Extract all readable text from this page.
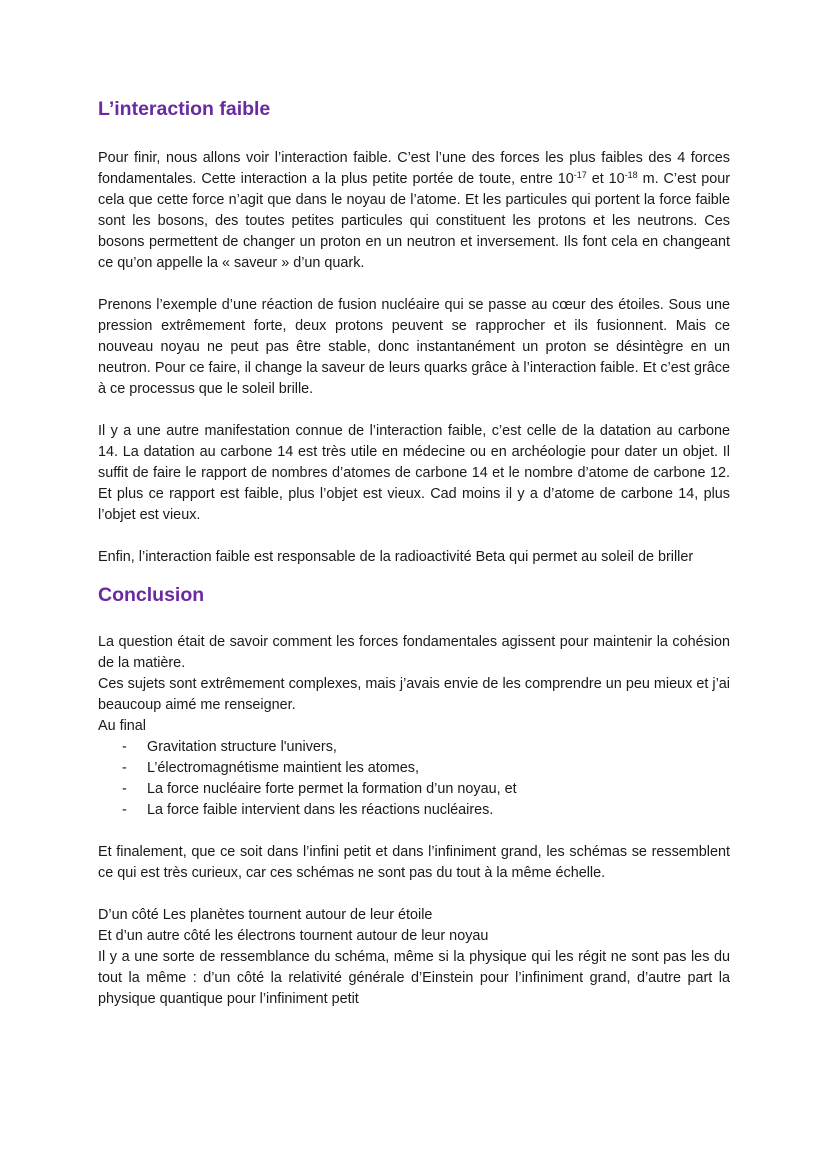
L’interaction faible

Pour finir, nous allons voir l’interaction faible. C’est l’une des forces les plus faibles des 4 forces fondamentales. Cette interaction a la plus petite portée de toute, entre $10^{-17}$ et $10^{-18}$ m. C’est pour cela que cette force n’agit que dans le noyau de l’atome. Et les particules qui portent la force faible sont les bosons, des toutes petites particules qui constituent les protons et les neutrons. Ces bosons permettent de changer un proton en un neutron et inversement. Ils font cela en changeant ce qu’on appelle la « saveur » d’un quark.

Prenons l’exemple d’une réaction de fusion nucléaire qui se passe au cœur des étoiles. Sous une pression extrêmement forte, deux protons peuvent se rapprocher et ils fusionnent. Mais ce nouveau noyau ne peut pas être stable, donc instantanément un proton se désintègre en un neutron. Pour ce faire, il change la saveur de leurs quarks grâce à l’interaction faible. Et c’est grâce à ce processus que le soleil brille.

Il y a une autre manifestation connue de l’interaction faible, c’est celle de la datation au carbone 14. La datation au carbone 14 est très utile en médecine ou en archéologie pour dater un objet. Il suffit de faire le rapport de nombres d’atomes de carbone 14 et le nombre d’atome de carbone 12. Et plus ce rapport est faible, plus l’objet est vieux. Cad moins il y a d’atome de carbone 14, plus l’objet est vieux.

Enfin, l’interaction faible est responsable de la radioactivité Beta qui permet au soleil de briller

Conclusion

La question était de savoir comment les forces fondamentales agissent pour maintenir la cohésion de la matière.

Ces sujets sont extrêmement complexes, mais j’avais envie de les comprendre un peu mieux et j’ai beaucoup aimé me renseigner.

Au final

- Gravitation structure l'univers,
- L’électromagnétisme maintient les atomes,
- La force nucléaire forte permet la formation d’un noyau, et
- La force faible intervient dans les réactions nucléaires.

Et finalement, que ce soit dans l’infini petit et dans l’infiniment grand, les schémas se ressemblent ce qui est très curieux, car ces schémas ne sont pas du tout à la même échelle.

D’un côté Les planètes tournent autour de leur étoile

Et d’un autre côté les électrons tournent autour de leur noyau

Il y a une sorte de ressemblance du schéma, même si la physique qui les régit ne sont pas les du tout la même : d’un côté la relativité générale d’Einstein pour l’infiniment grand, d’autre part la physique quantique pour l’infiniment petit
